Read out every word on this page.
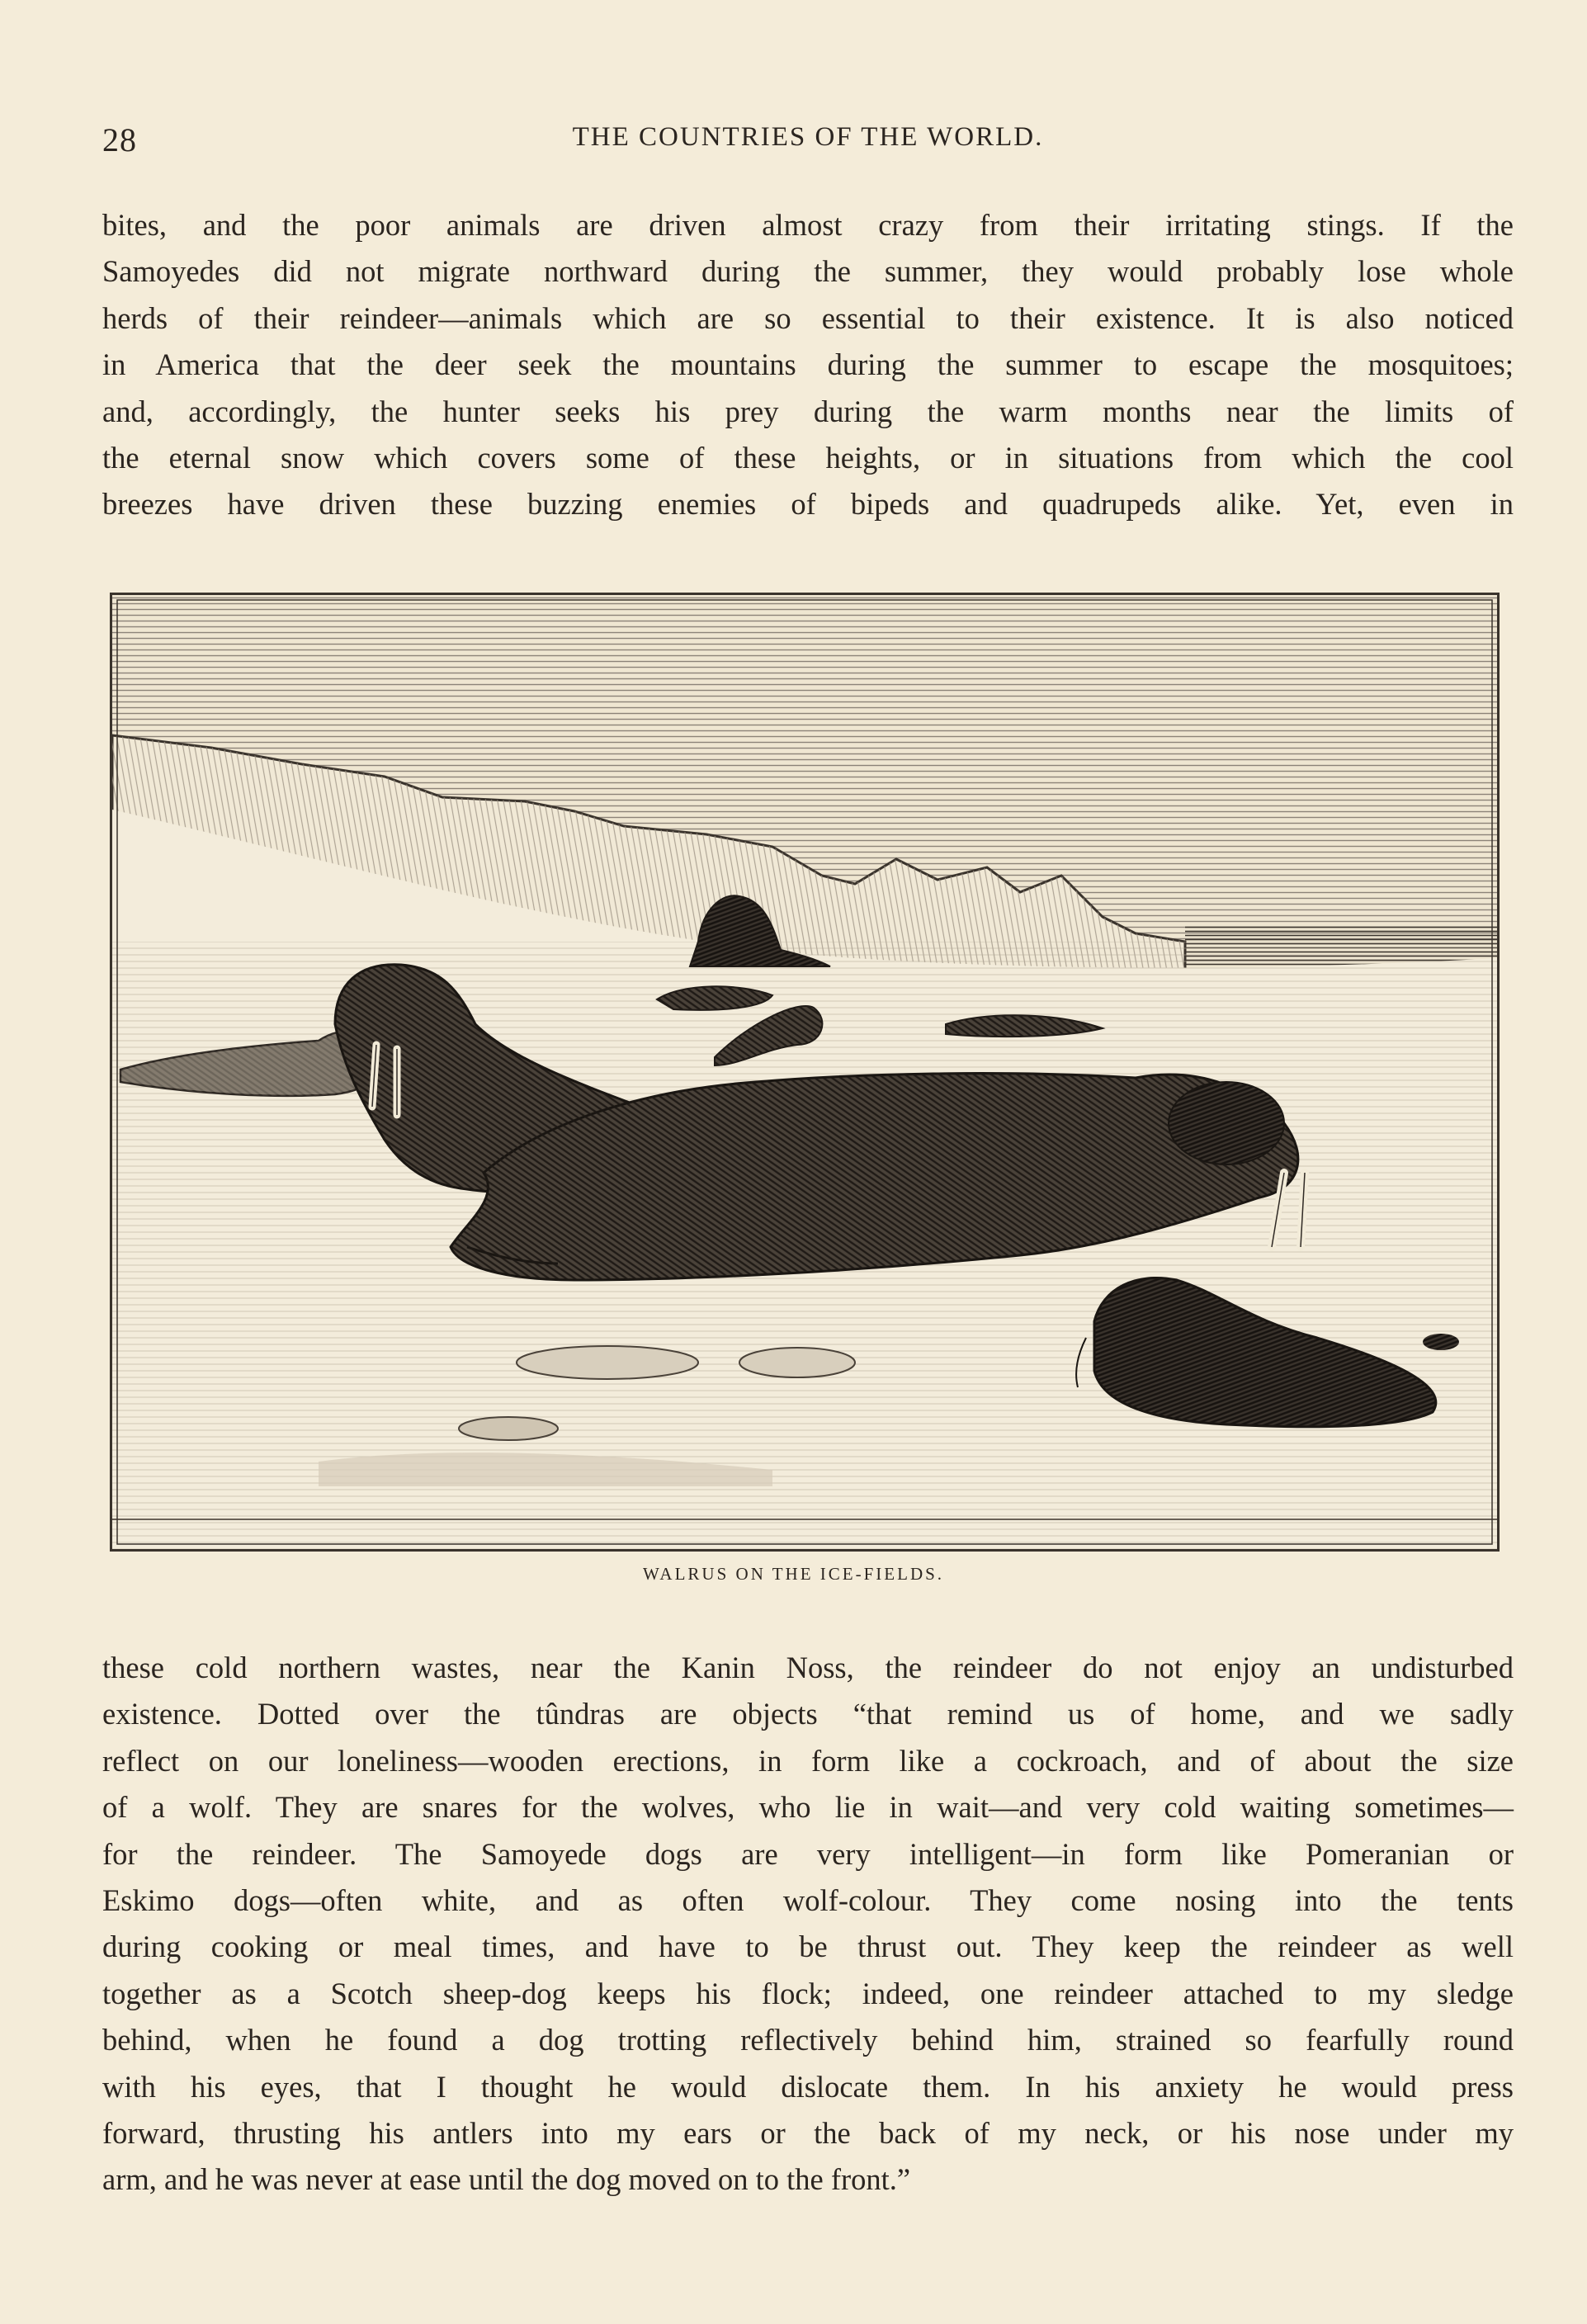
28	THE COUNTRIES OF THE WORLD.
bites, and the poor animals are driven almost crazy from their irritating stings. If the
Samoyedes did not migrate northward during the summer, they would probably lose whole
herds of their reindeer—animals which are so essential to their existence. It is also noticed
in America that the deer seek the mountains during the summer to escape the mosquitoes;
and, accordingly, the hunter seeks his prey during the warm months near the limits of
the eternal snow which covers some of these heights, or in situations from which the cool
breezes have driven these buzzing enemies of bipeds and quadrupeds alike. Yet, even in
WALRUS ON THE ICE-FIELDS.
these cold northern wastes, near the Kanin Noss, the reindeer do not enjoy an undisturbed
existence. Dotted over the tûndras are objects “that remind us of home, and we sadly
reflect on our loneliness—wooden erections, in form like a cockroach, and of about the size
of a wolf. They are snares for the wolves, who lie in wait—and very cold waiting sometimes—
for the reindeer. The Samoyede dogs are very intelligent—in form like Pomeranian or
Eskimo dogs—often white, and as often wolf-colour. They come nosing into the tents
during cooking or meal times, and have to be thrust out. They keep the reindeer as well
together as a Scotch sheep-dog keeps his flock; indeed, one reindeer attached to my sledge
behind, when he found a dog trotting reflectively behind him, strained so fearfully round
with his eyes, that I thought he would dislocate them. In his anxiety he would press
forward, thrusting his antlers into my ears or the back of my neck, or his nose under my
arm, and he was never at ease until the dog moved on to the front.”
